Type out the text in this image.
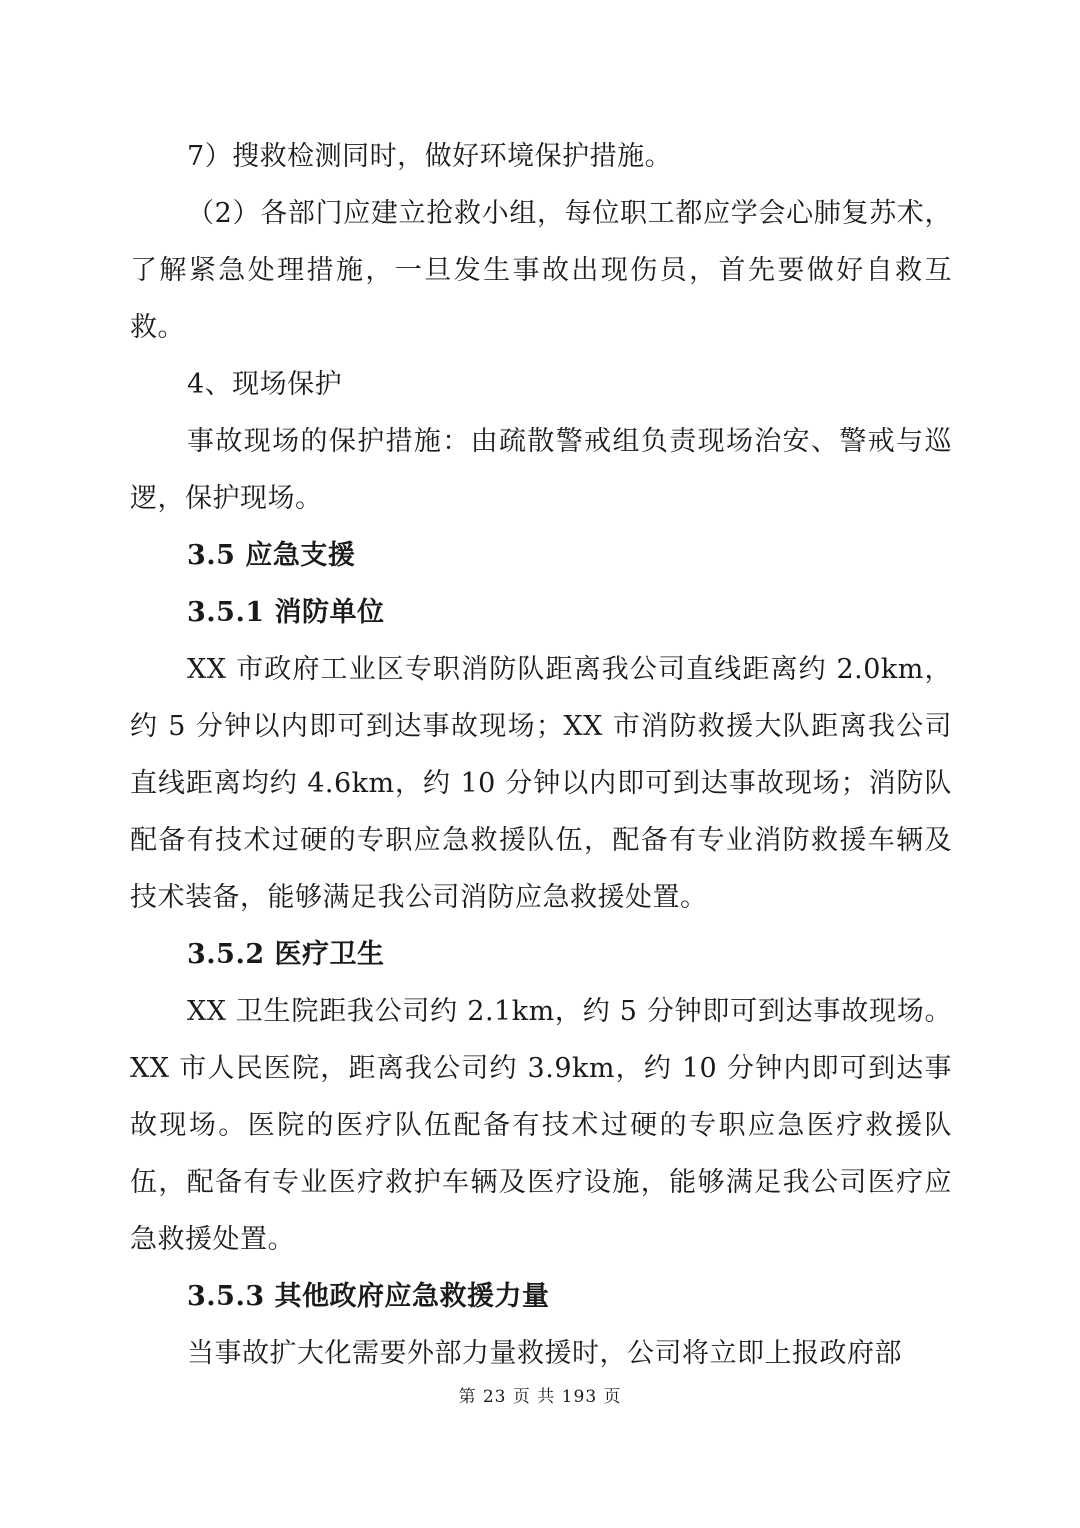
7）搜救检测同时，做好环境保护措施。

（2）各部门应建立抢救小组，每位职工都应学会心肺复苏术，了解紧急处理措施，一旦发生事故出现伤员，首先要做好自救互救。

4、现场保护

事故现场的保护措施：由疏散警戒组负责现场治安、警戒与巡逻，保护现场。

3.5 应急支援

3.5.1 消防单位

XX 市政府工业区专职消防队距离我公司直线距离约 2.0km，约 5 分钟以内即可到达事故现场；XX 市消防救援大队距离我公司直线距离均约 4.6km，约 10 分钟以内即可到达事故现场；消防队配备有技术过硬的专职应急救援队伍，配备有专业消防救援车辆及技术装备，能够满足我公司消防应急救援处置。

3.5.2 医疗卫生

XX 卫生院距我公司约 2.1km，约 5 分钟即可到达事故现场。XX 市人民医院，距离我公司约 3.9km，约 10 分钟内即可到达事故现场。医院的医疗队伍配备有技术过硬的专职应急医疗救援队伍，配备有专业医疗救护车辆及医疗设施，能够满足我公司医疗应急救援处置。

3.5.3 其他政府应急救援力量

当事故扩大化需要外部力量救援时，公司将立即上报政府部

第 23 页 共 193 页
